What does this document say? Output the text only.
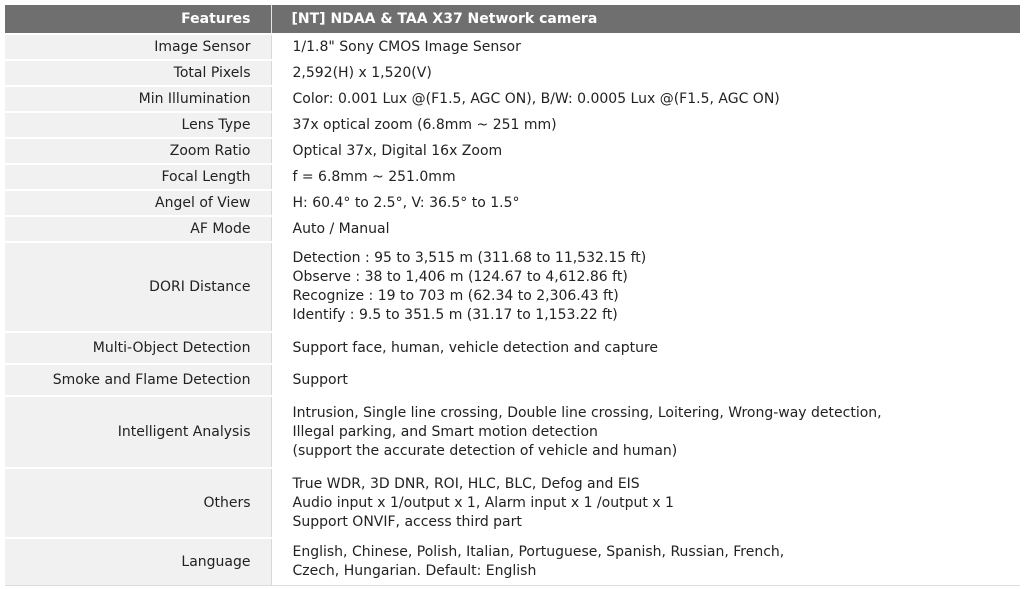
Features	[NT] NDAA & TAA X37 Network camera
Image Sensor	1/1.8" Sony CMOS Image Sensor

Total Pixels	2,592(H) x 1,520(V)

Min Illumination	Color: 0.001 Lux @(F1.5, AGC ON), B/W: 0.0005 Lux @(F1.5, AGC ON)

Lens Type	37x optical zoom (6.8mm ~ 251 mm)

Zoom Ratio	Optical 37x, Digital 16x Zoom

Focal Length	f = 6.8mm ~ 251.0mm

Angel of View	H: 60.4° to 2.5°, V: 36.5° to 1.5°

AF Mode	Auto / Manual

DORI Distance	Detection : 95 to 3,515 m (311.68 to 11,532.15 ft)
Observe : 38 to 1,406 m (124.67 to 4,612.86 ft)
Recognize : 19 to 703 m (62.34 to 2,306.43 ft)
Identify : 9.5 to 351.5 m (31.17 to 1,153.22 ft)

Multi-Object Detection	Support face, human, vehicle detection and capture

Smoke and Flame Detection	Support

Intelligent Analysis	Intrusion, Single line crossing, Double line crossing, Loitering, Wrong-way detection,
Illegal parking, and Smart motion detection
(support the accurate detection of vehicle and human)

Others	True WDR, 3D DNR, ROI, HLC, BLC, Defog and EIS
Audio input x 1/output x 1, Alarm input x 1 /output x 1
Support ONVIF, access third part

Language	English, Chinese, Polish, Italian, Portuguese, Spanish, Russian, French,
Czech, Hungarian. Default: English
